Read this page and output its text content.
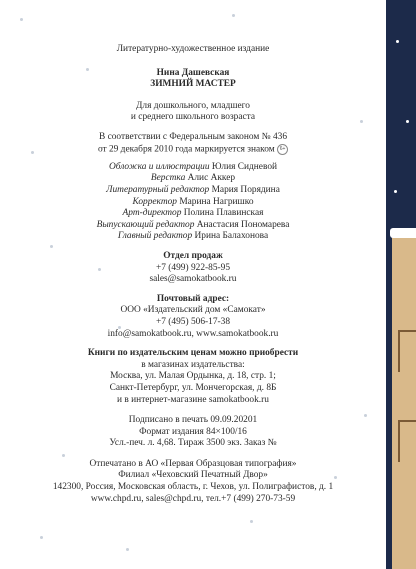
Литературно-художественное издание
Нина Дашевская
ЗИМНИЙ МАСТЕР
Для дошкольного, младшего
и среднего школьного возраста
В соответствии с Федеральным законом № 436
от 29 декабря 2010 года маркируется знаком 6+
Обложка и иллюстрации Юлия Сидневой
Верстка Алис Аккер
Литературный редактор Мария Порядина
Корректор Марина Нагришко
Арт-директор Полина Плавинская
Выпускающий редактор Анастасия Пономарева
Главный редактор Ирина Балахонова
Отдел продаж
+7 (499) 922-85-95
sales@samokatbook.ru
Почтовый адрес:
ООО «Издательский дом «Самокат»
+7 (495) 506-17-38
info@samokatbook.ru, www.samokatbook.ru
Книги по издательским ценам можно приобрести
в магазинах издательства:
Москва, ул. Малая Ордынка, д. 18, стр. 1;
Санкт-Петербург, ул. Мончегорская, д. 8Б
и в интернет-магазине samokatbook.ru
Подписано в печать 09.09.20201
Формат издания 84×100/16
Усл.-печ. л. 4,68. Тираж 3500 экз. Заказ №
Отпечатано в АО «Первая Образцовая типография»
Филиал «Чеховский Печатный Двор»
142300, Россия, Московская область, г. Чехов, ул. Полиграфистов, д. 1
www.chpd.ru, sales@chpd.ru, тел.+7 (499) 270-73-59
